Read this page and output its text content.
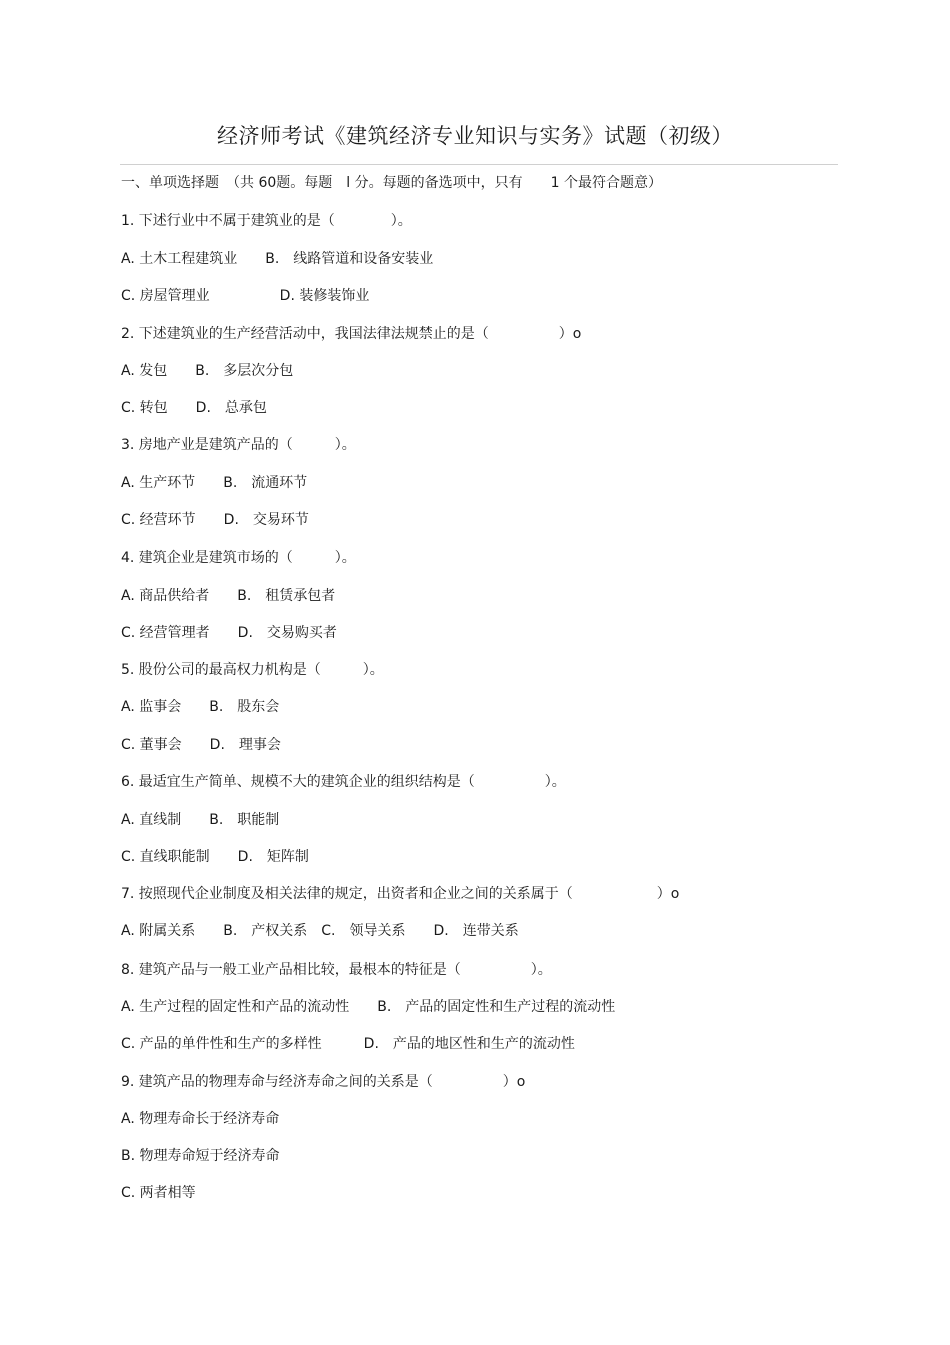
经济师考试《建筑经济专业知识与实务》试题（初级）
一、单项选择题　（共 60题。每题　l 分。每题的备选项中，只有　　1 个最符合题意）
1. 下述行业中不属于建筑业的是（　　　　）。
A. 土木工程建筑业　　B.　线路管道和设备安装业
C. 房屋管理业　　　　　D. 装修装饰业
2. 下述建筑业的生产经营活动中，我国法律法规禁止的是（　　　　　）o
A. 发包　　B.　多层次分包
C. 转包　　D.　总承包
3. 房地产业是建筑产品的（　　　）。
A. 生产环节　　B.　流通环节
C. 经营环节　　D.　交易环节
4. 建筑企业是建筑市场的（　　　）。
A. 商品供给者　　B.　租赁承包者
C. 经营管理者　　D.　交易购买者
5. 股份公司的最高权力机构是（　　　）。
A. 监事会　　B.　股东会
C. 董事会　　D.　理事会
6. 最适宜生产简单、规模不大的建筑企业的组织结构是（　　　　　）。
A. 直线制　　B.　职能制
C. 直线职能制　　D.　矩阵制
7. 按照现代企业制度及相关法律的规定，出资者和企业之间的关系属于（　　　　　　）o
A. 附属关系　　B.　产权关系　C.　领导关系　　D.　连带关系
8. 建筑产品与一般工业产品相比较，最根本的特征是（　　　　　）。
A. 生产过程的固定性和产品的流动性　　B.　产品的固定性和生产过程的流动性
C. 产品的单件性和生产的多样性　　　D.　产品的地区性和生产的流动性
9. 建筑产品的物理寿命与经济寿命之间的关系是（　　　　　）o
A. 物理寿命长于经济寿命
B. 物理寿命短于经济寿命
C. 两者相等
